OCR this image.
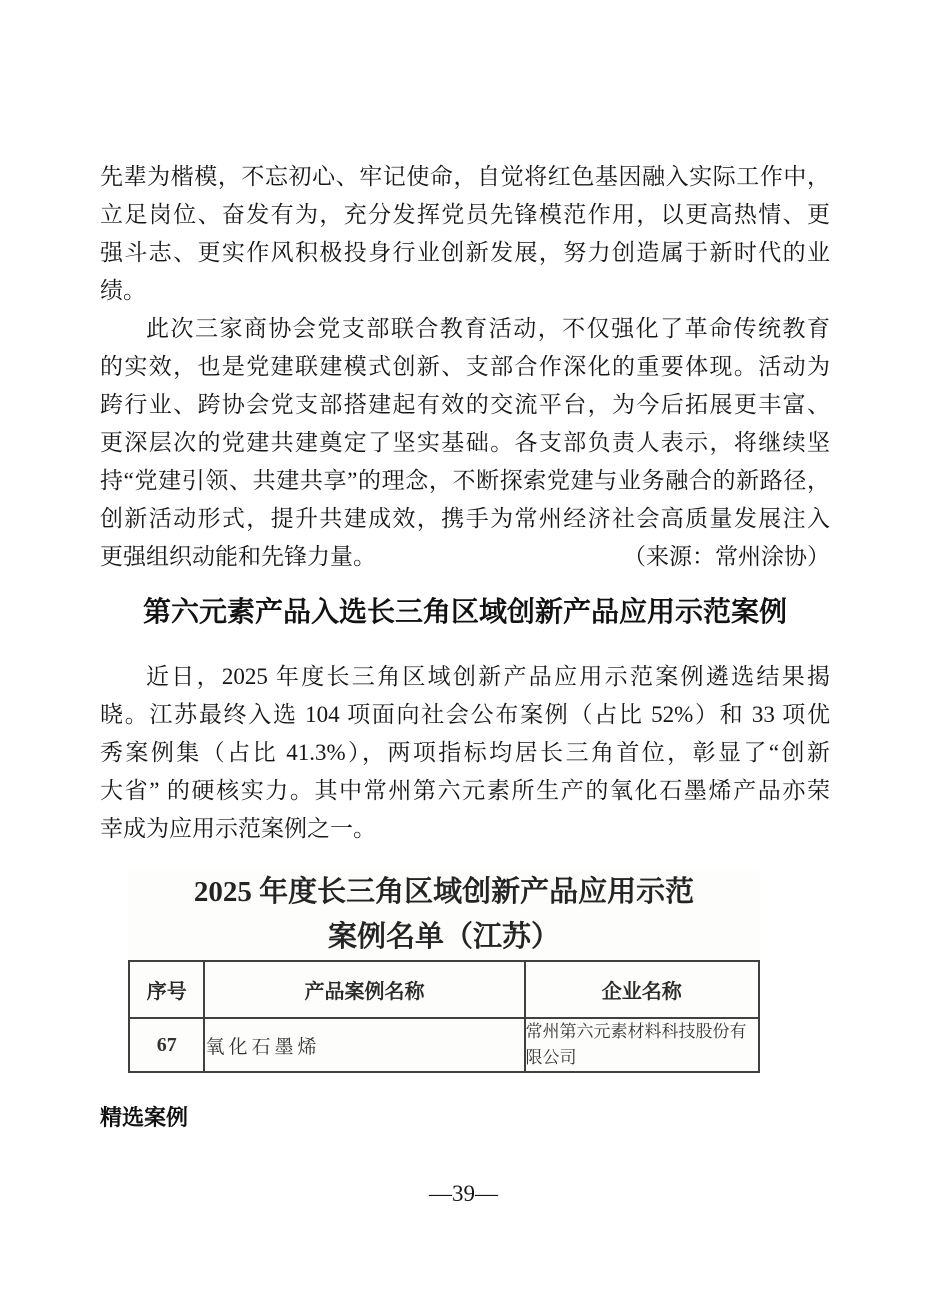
先辈为楷模，不忘初心、牢记使命，自觉将红色基因融入实际工作中，
立足岗位、奋发有为，充分发挥党员先锋模范作用，以更高热情、更
强斗志、更实作风积极投身行业创新发展，努力创造属于新时代的业
绩。
此次三家商协会党支部联合教育活动，不仅强化了革命传统教育
的实效，也是党建联建模式创新、支部合作深化的重要体现。活动为
跨行业、跨协会党支部搭建起有效的交流平台，为今后拓展更丰富、
更深层次的党建共建奠定了坚实基础。各支部负责人表示，将继续坚
持“党建引领、共建共享”的理念，不断探索党建与业务融合的新路径，
创新活动形式，提升共建成效，携手为常州经济社会高质量发展注入
更强组织动能和先锋力量。	（来源：常州涂协）
第六元素产品入选长三角区域创新产品应用示范案例
近日，2025 年度长三角区域创新产品应用示范案例遴选结果揭
晓。江苏最终入选 104 项面向社会公布案例（占比 52%）和 33 项优
秀案例集（占比 41.3%），两项指标均居长三角首位，彰显了“创新
大省” 的硬核实力。其中常州第六元素所生产的氧化石墨烯产品亦荣
幸成为应用示范案例之一。
2025 年度长三角区域创新产品应用示范
案例名单（江苏）
序号	产品案例名称	企业名称
67	氧化石墨烯	常州第六元素材料科技股份有限公司
精选案例
—39—
